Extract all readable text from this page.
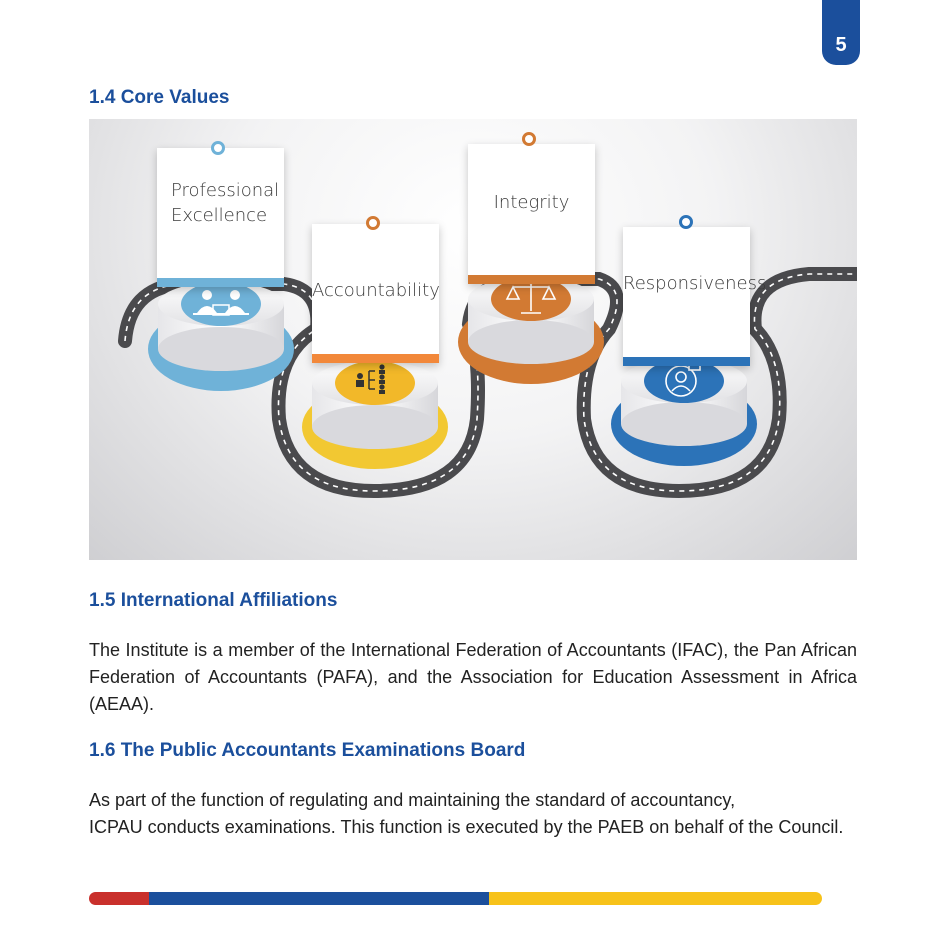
5
1.4 Core Values
Professional
Excellence
Accountability
Integrity
Responsiveness
1.5 International Affiliations

The Institute is a member of the International Federation of Accountants (IFAC), the Pan African Federation of Accountants (PAFA), and the Association for Education Assessment in Africa (AEAA).

1.6 The Public Accountants Examinations Board

As part of the function of regulating and maintaining the standard of accountancy,
ICPAU conducts examinations. This function is executed by the PAEB on behalf of the Council.
